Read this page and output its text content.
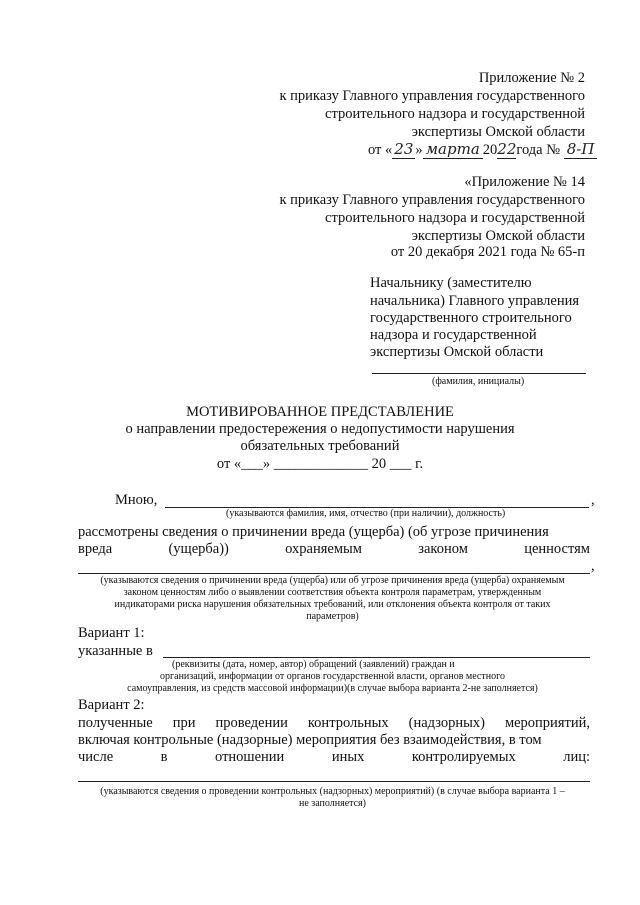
Приложение № 2
к приказу Главного управления государственного
строительного надзора и государственной
экспертизы Омской области
от « 23 » марта 2022года № 8-П
«Приложение № 14
к приказу Главного управления государственного
строительного надзора и государственной
экспертизы Омской области
от 20 декабря 2021 года № 65-п
Начальнику (заместителю
начальника) Главного управления
государственного строительного
надзора и государственной
экспертизы Омской области
(фамилия, инициалы)
МОТИВИРОВАННОЕ ПРЕДСТАВЛЕНИЕ
о направлении предостережения о недопустимости нарушения
обязательных требований
от «___» _____________ 20 ___ г.
Мною,	,
(указываются фамилия, имя, отчество (при наличии), должность)
рассмотрены сведения о причинении вреда (ущерба) (об угрозе причинения
вреда	(ущерба))	охраняемым	законом	ценностям
,
(указываются сведения о причинении вреда (ущерба) или об угрозе причинения вреда (ущерба) охраняемым
законом ценностям либо о выявлении соответствия объекта контроля параметрам, утвержденным
индикаторами риска нарушения обязательных требований, или отклонения объекта контроля от таких
параметров)
Вариант 1:
указанные в
(реквизиты (дата, номер, автор) обращений (заявлений) граждан и
организаций, информации от органов государственной власти, органов местного
самоуправления, из средств массовой информации)(в случае выбора варианта 2-не заполняется)
Вариант 2:
полученные при проведении контрольных (надзорных) мероприятий,
включая контрольные (надзорные) мероприятия без взаимодействия, в том
числе	в	отношении	иных	контролируемых	лиц:
(указываются сведения о проведении контрольных (надзорных) мероприятий) (в случае выбора варианта 1 –
не заполняется)
